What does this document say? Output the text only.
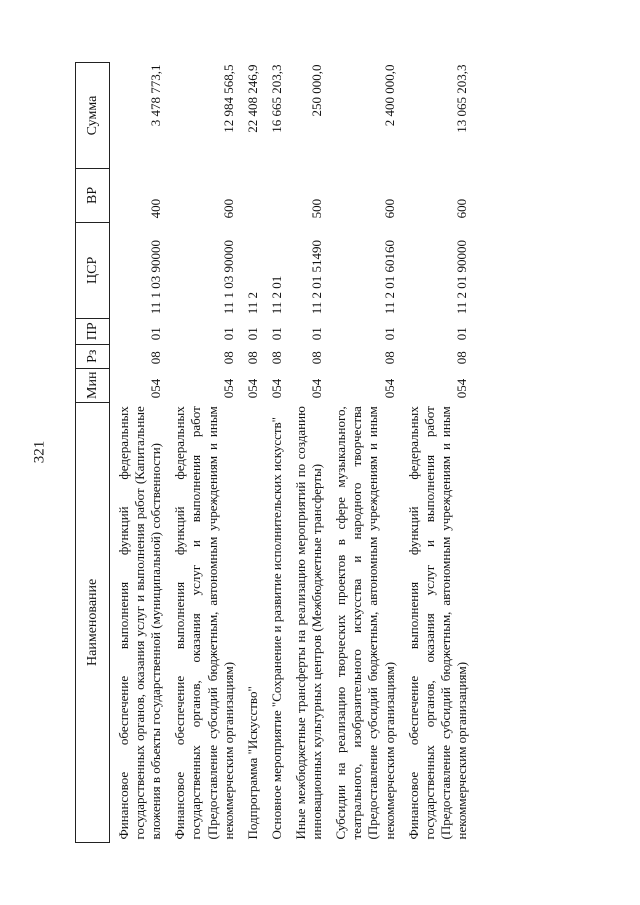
321
Наименование	Мин	Рз	ПР	ЦСР	ВР	Сумма
Финансовое обеспечение выполнения функций федеральных государственных органов, оказания услуг и выполнения работ (Капитальные вложения в объекты государственной (муниципальной) собственности)	054	08	01	11 1 03 90000	400	3 478 773,1
Финансовое обеспечение выполнения функций федеральных государственных органов, оказания услуг и выполнения работ (Предоставление субсидий бюджетным, автономным учреждениям и иным некоммерческим организациям)	054	08	01	11 1 03 90000	600	12 984 568,5
Подпрограмма "Искусство"	054	08	01	11 2		22 408 246,9
Основное мероприятие "Сохранение и развитие исполнительских искусств"	054	08	01	11 2 01		16 665 203,3
Иные межбюджетные трансферты на реализацию мероприятий по созданию инновационных культурных центров (Межбюджетные трансферты)	054	08	01	11 2 01 51490	500	250 000,0
Субсидии на реализацию творческих проектов в сфере музыкального, театрального, изобразительного искусства и народного творчества (Предоставление субсидий бюджетным, автономным учреждениям и иным некоммерческим организациям)	054	08	01	11 2 01 60160	600	2 400 000,0
Финансовое обеспечение выполнения функций федеральных государственных органов, оказания услуг и выполнения работ (Предоставление субсидий бюджетным, автономным учреждениям и иным некоммерческим организациям)	054	08	01	11 2 01 90000	600	13 065 203,3
